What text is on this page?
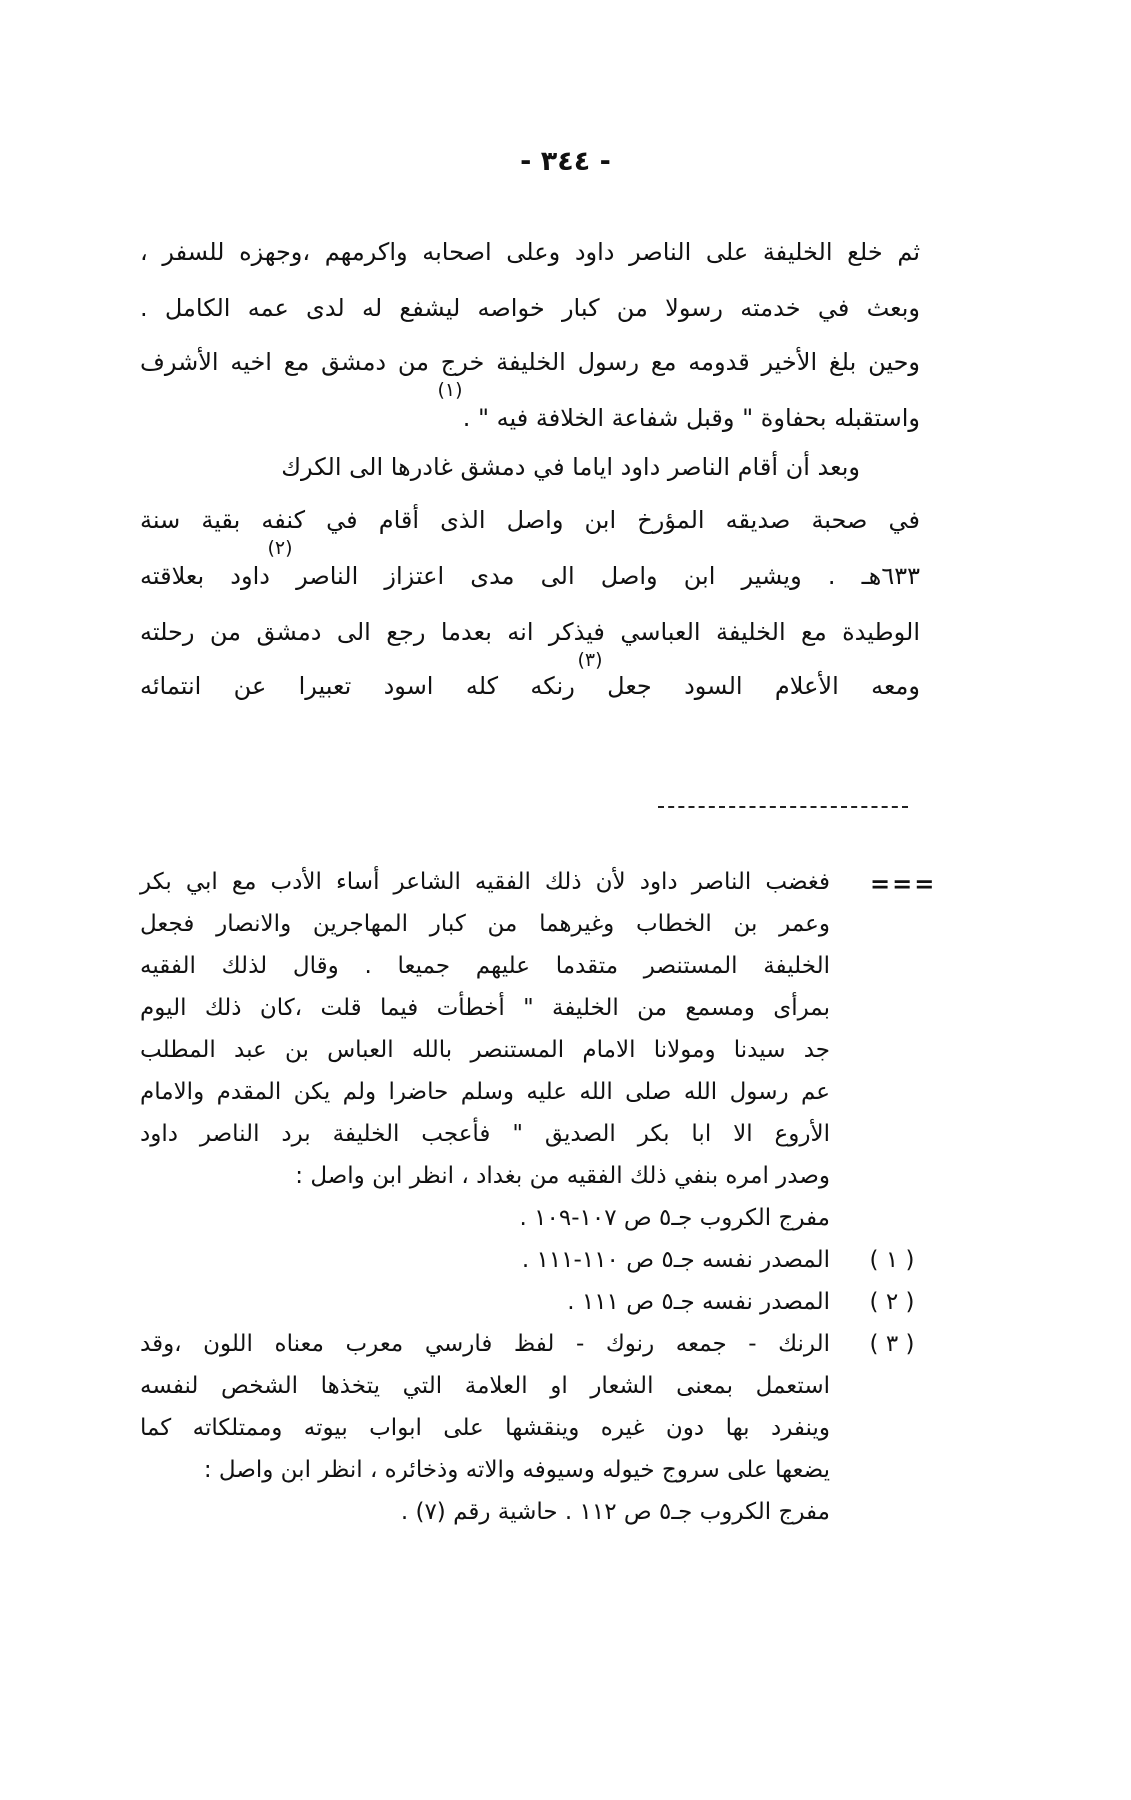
- ٣٤٤ -
ثم خلع الخليفة على الناصر داود وعلى اصحابه واكرمهم ،وجهزه للسفر ،
وبعث في خدمته رسولا من كبار خواصه ليشفع له لدى عمه الكامل .
وحين بلغ الأخير قدومه مع رسول الخليفة خرج من دمشق مع اخيه الأشرف
(١)
واستقبله بحفاوة " وقبل شفاعة الخلافة فيه " .
وبعد أن أقام الناصر داود اياما في دمشق غادرها الى الكرك
في صحبة صديقه المؤرخ ابن واصل الذى أقام في كنفه بقية سنة
(٢)
٦٣٣هـ . ويشير ابن واصل الى مدى اعتزاز الناصر داود بعلاقته
الوطيدة مع الخليفة العباسي فيذكر انه بعدما رجع الى دمشق من رحلته
(٣)
ومعه الأعلام السود جعل رنكه كله اسود تعبيرا عن انتمائه
===
فغضب الناصر داود لأن ذلك الفقيه الشاعر أساء الأدب مع ابي بكر
وعمر بن الخطاب وغيرهما من كبار المهاجرين والانصار فجعل
الخليفة المستنصر متقدما عليهم جميعا . وقال لذلك الفقيه
بمرأى ومسمع من الخليفة " أخطأت فيما قلت ،كان ذلك اليوم
جد سيدنا ومولانا الامام المستنصر بالله العباس بن عبد المطلب
عم رسول الله صلى الله عليه وسلم حاضرا ولم يكن المقدم والامام
الأروع الا ابا بكر الصديق " فأعجب الخليفة برد الناصر داود
وصدر امره بنفي ذلك الفقيه من بغداد ، انظر ابن واصل :
مفرج الكروب جـ٥ ص ١٠٧-١٠٩ .
المصدر نفسه جـ٥ ص ١١٠-١١١ .
المصدر نفسه جـ٥ ص ١١١ .
الرنك - جمعه رنوك - لفظ فارسي معرب معناه اللون ،وقد
استعمل بمعنى الشعار او العلامة التي يتخذها الشخص لنفسه
وينفرد بها دون غيره وينقشها على ابواب بيوته وممتلكاته كما
يضعها على سروج خيوله وسيوفه والاته وذخائره ، انظر ابن واصل :
مفرج الكروب جـ٥ ص ١١٢ . حاشية رقم (٧) .
( ١ )
( ٢ )
( ٣ )
